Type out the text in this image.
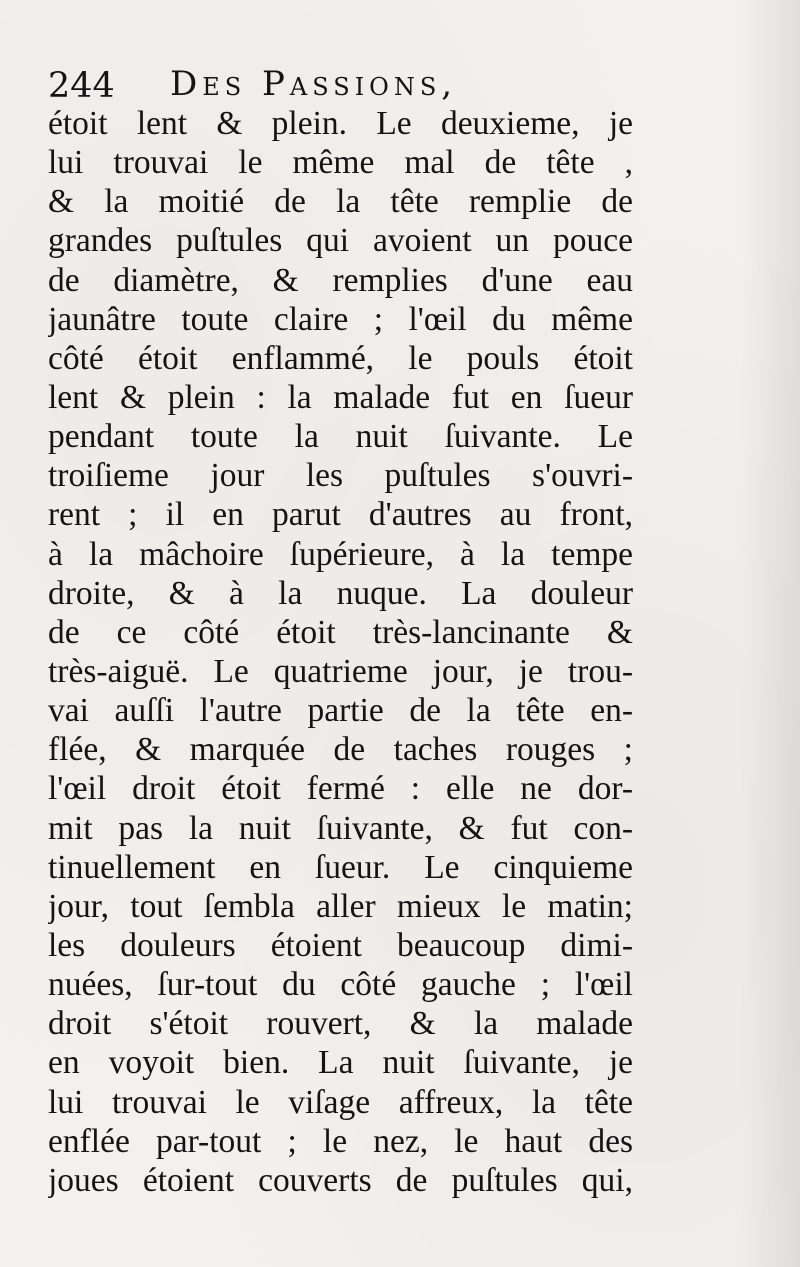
244 Des Passions,
étoit lent & plein. Le deuxieme, je
lui trouvai le même mal de tête ,
& la moitié de la tête remplie de
grandes puſtules qui avoient un pouce
de diamètre, & remplies d'une eau
jaunâtre toute claire ; l'œil du même
côté étoit enflammé, le pouls étoit
lent & plein : la malade fut en ſueur
pendant toute la nuit ſuivante. Le
troiſieme jour les puſtules s'ouvri-
rent ; il en parut d'autres au front,
à la mâchoire ſupérieure, à la tempe
droite, & à la nuque. La douleur
de ce côté étoit très-lancinante &
très-aiguë. Le quatrieme jour, je trou-
vai auſſi l'autre partie de la tête en-
flée, & marquée de taches rouges ;
l'œil droit étoit fermé : elle ne dor-
mit pas la nuit ſuivante, & fut con-
tinuellement en ſueur. Le cinquieme
jour, tout ſembla aller mieux le matin;
les douleurs étoient beaucoup dimi-
nuées, ſur-tout du côté gauche ; l'œil
droit s'étoit rouvert, & la malade
en voyoit bien. La nuit ſuivante, je
lui trouvai le viſage affreux, la tête
enflée par-tout ; le nez, le haut des
joues étoient couverts de puſtules qui,
